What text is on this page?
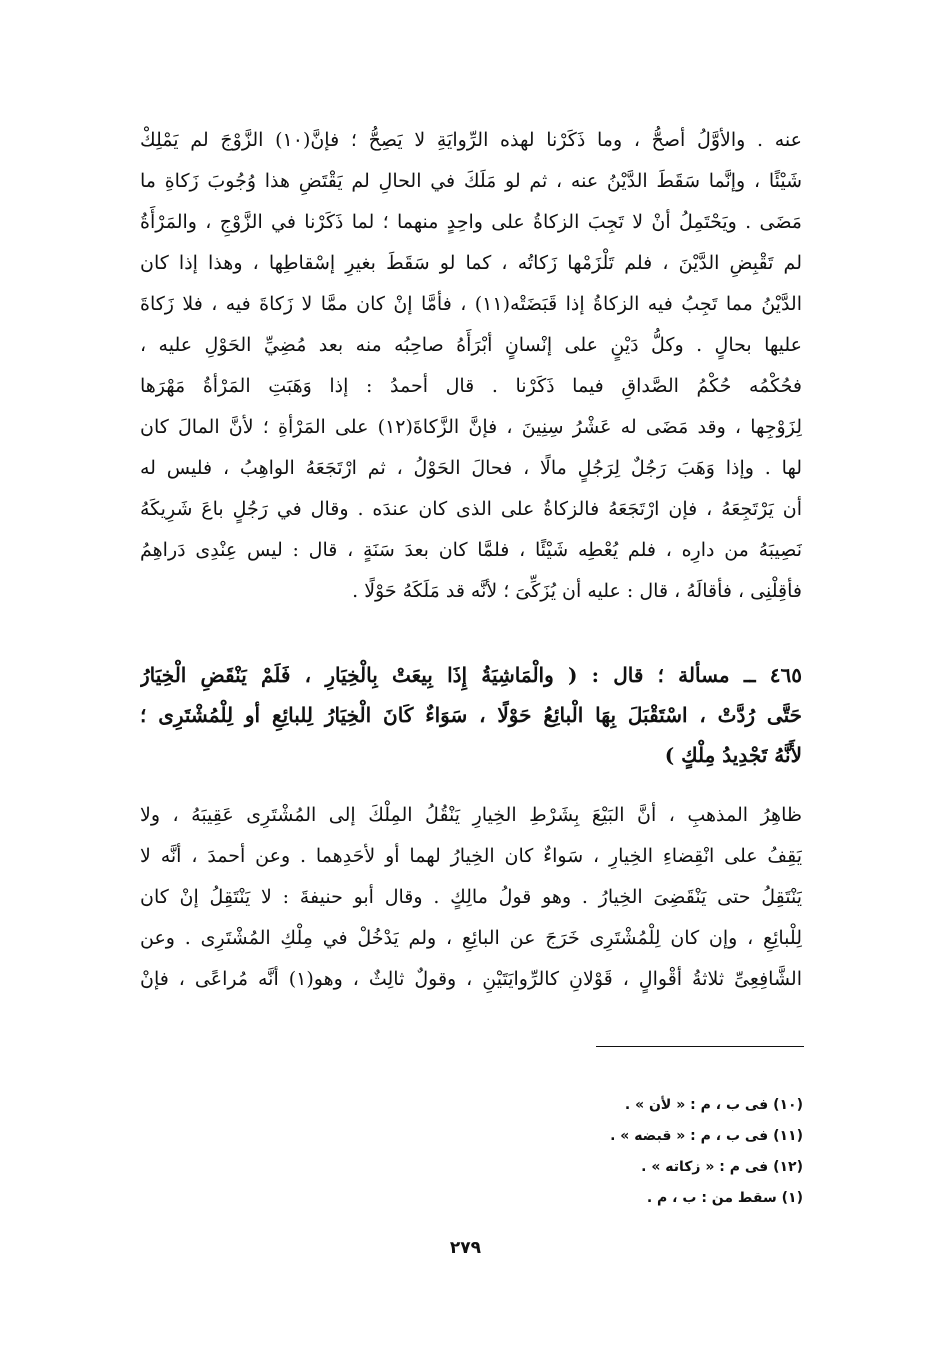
عنه . والأوَّلُ أصحُّ ، وما ذَكَرْنا لهذه الرِّوايَةِ لا يَصِحُّ ؛ فإنَّ(١٠) الزَّوْجَ لم يَمْلِكْ
شَيْئًا ، وإنَّما سَقَطَ الدَّيْنُ عنه ، ثم لو مَلَكَ في الحالِ لم يَقْتَضِ هذا وُجُوبَ زَكاةِ ما
مَضَى . ويَحْتَمِلُ أنْ لا تَجِبَ الزكاةُ على واحِدٍ منهما ؛ لما ذَكَرْنا في الزَّوْجِ ، والمَرْأَةُ
لم تَقْبِضِ الدَّيْنَ ، فلم تَلْزَمْها زَكاتُه ، كما لو سَقَطَ بغيرِ إسْقاطِها ، وهذا إذا كان
الدَّيْنُ مما تَجِبُ فيه الزكاةُ إذا قَبَضَتْه(١١) ، فأمَّا إنْ كان ممَّا لا زَكاةَ فيه ، فلا زَكاةَ
عليها بحالٍ . وكلُّ دَيْنٍ على إنْسانٍ أبْرَأَهُ صاحِبُه منه بعد مُضِيِّ الحَوْلِ عليه ،
فحُكْمُه حُكْمُ الصَّداقِ فيما ذَكَرْنا . قال أحمدُ : إذا وَهَبَتِ المَرْأةُ مَهْرَها
لِزَوْجِها ، وقد مَضَى له عَشْرُ سِنِينَ ، فإنَّ الزَّكاةَ(١٢) على المَرْأةِ ؛ لأنَّ المالَ كان
لها . وإذا وَهَبَ رَجُلٌ لِرَجُلٍ مالًا ، فحالَ الحَوْلُ ، ثم ارْتَجَعَهُ الواهِبُ ، فليس له
أن يَرْتَجِعَهُ ، فإن ارْتَجَعَهُ فالزكاةُ على الذى كان عندَه . وقال في رَجُلٍ باعَ شَرِيكَهُ
نَصِيبَهُ من دارِه ، فلم يُعْطِه شَيْئًا ، فلمَّا كان بعدَ سَنَةٍ ، قال : ليس عِنْدِى دَراهِمُ
فأقِلْنِى ، فأقالَهُ ، قال : عليه أن يُزَكِّىَ ؛ لأنَّه قد مَلَكَهُ حَوْلًا .
٤٦٥ ــ مسألة ؛ قال : ( والْمَاشِيَةُ إِذَا بِيعَتْ بِالْخِيَارِ ، فَلَمْ يَنْقَضِ الْخِيَارُ
حَتَّى رُدَّتْ ، اسْتَقْبَلَ بِهَا الْبائِعُ حَوْلًا ، سَوَاءٌ كَانَ الْخِيَارُ لِلبائِعِ أو لِلْمُشْتَرِى ؛
لأَنَّهُ تَجْدِيدُ مِلْكٍ )
ظاهِرُ المذهبِ ، أنَّ البَيْعَ بِشَرْطِ الخِيارِ يَنْقُلُ المِلْكَ إلى المُشْتَرِى عَقِيبَهُ ، ولا
يَقِفُ على انْقِضاءِ الخِيارِ ، سَواءٌ كان الخِيارُ لهما أو لأحَدِهما . وعن أحمدَ ، أنَّه لا
يَنْتَقِلُ حتى يَنْقَضِىَ الخِيارُ . وهو قولُ مالِكٍ . وقال أبو حنيفةَ : لا يَنْتَقِلُ إنْ كان
لِلْبائِعِ ، وإن كان لِلْمُشْتَرِى خَرَجَ عن البائِعِ ، ولم يَدْخُلْ في مِلْكِ المُشْتَرِى . وعن
الشَّافِعِىِّ ثلاثةُ أقْوالٍ ، قَوْلانِ كالرِّوايَتَيْنِ ، وقولٌ ثالِثٌ ، وهو(١) أنَّه مُراعًى ، فإنْ
(١٠) فى ب ، م : « لأن » .
(١١) فى ب ، م : « قبضه » .
(١٢) فى م : « زكاته » .
(١) سقط من : ب ، م .
٢٧٩
